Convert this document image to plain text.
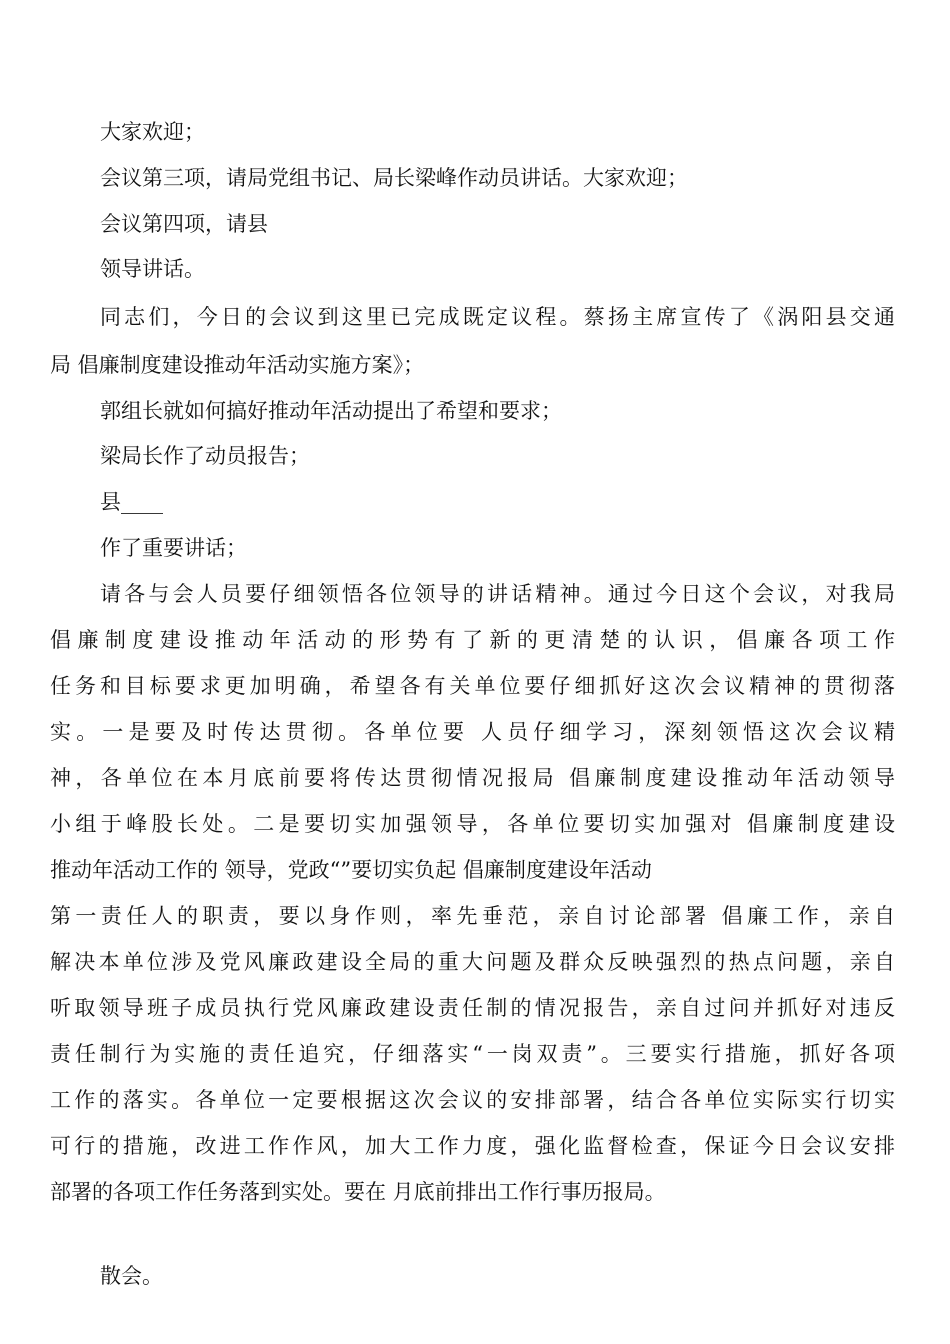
大家欢迎；
会议第三项，请局党组书记、局长梁峰作动员讲话。大家欢迎；
会议第四项，请县
领导讲话。
同志们，今日的会议到这里已完成既定议程。蔡扬主席宣传了《涡阳县交通
局 倡廉制度建设推动年活动实施方案》；
郭组长就如何搞好推动年活动提出了希望和要求；
梁局长作了动员报告；
县____
作了重要讲话；
请各与会人员要仔细领悟各位领导的讲话精神。通过今日这个会议，对我局
倡廉制度建设推动年活动的形势有了新的更清楚的认识，倡廉各项工作
任务和目标要求更加明确，希望各有关单位要仔细抓好这次会议精神的贯彻落
实。一是要及时传达贯彻。各单位要 人员仔细学习，深刻领悟这次会议精
神，各单位在本月底前要将传达贯彻情况报局 倡廉制度建设推动年活动领导
小组于峰股长处。二是要切实加强领导，各单位要切实加强对 倡廉制度建设
推动年活动工作的 领导，党政“”要切实负起 倡廉制度建设年活动
第一责任人的职责，要以身作则，率先垂范，亲自讨论部署 倡廉工作，亲自
解决本单位涉及党风廉政建设全局的重大问题及群众反映强烈的热点问题，亲自
听取领导班子成员执行党风廉政建设责任制的情况报告，亲自过问并抓好对违反
责任制行为实施的责任追究，仔细落实“一岗双责”。三要实行措施，抓好各项
工作的落实。各单位一定要根据这次会议的安排部署，结合各单位实际实行切实
可行的措施，改进工作作风，加大工作力度，强化监督检查，保证今日会议安排
部署的各项工作任务落到实处。要在 月底前排出工作行事历报局。
散会。
